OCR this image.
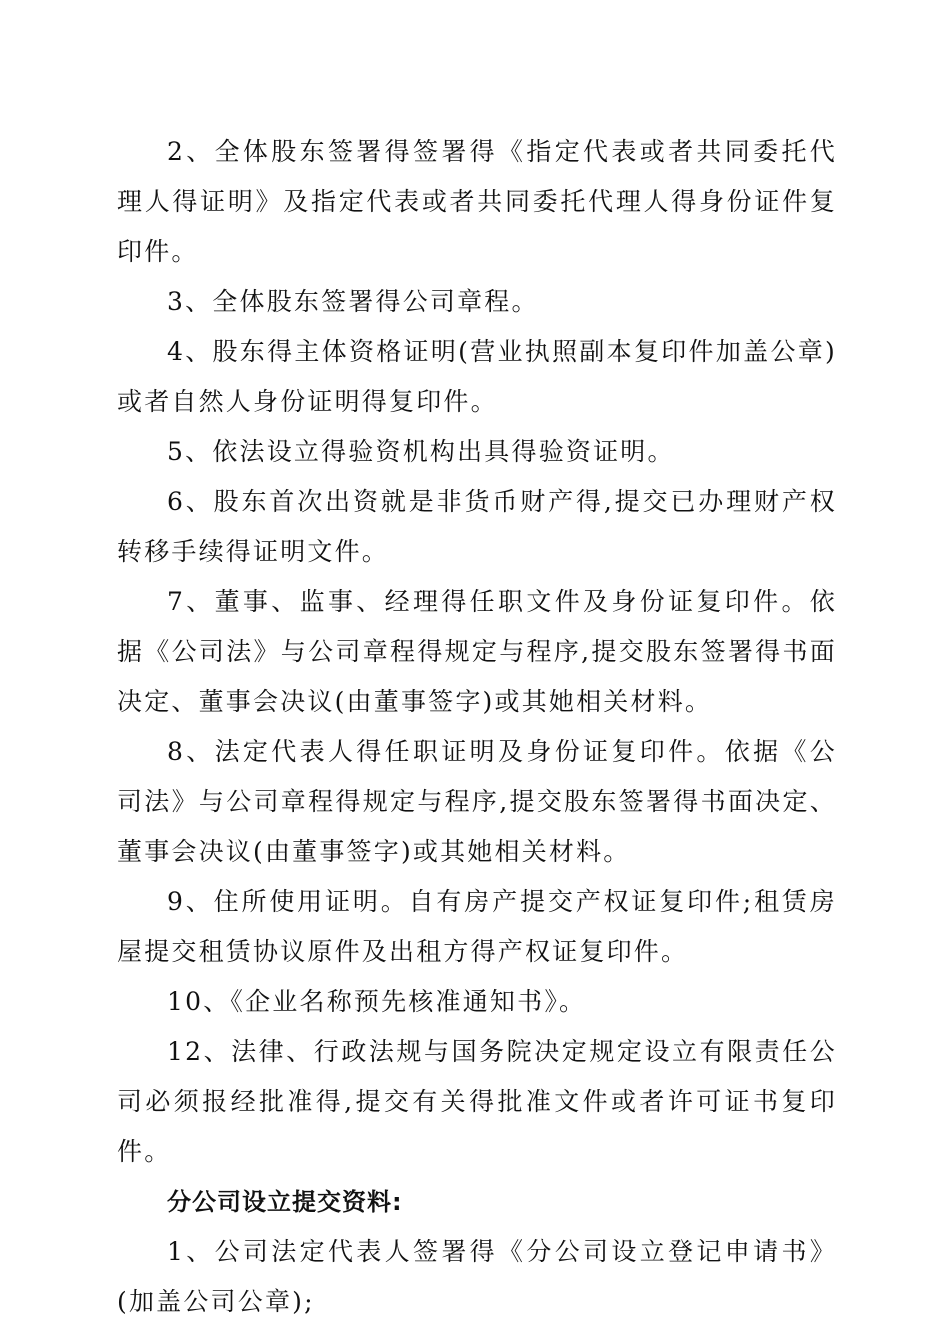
2、全体股东签署得签署得《指定代表或者共同委托代理人得证明》及指定代表或者共同委托代理人得身份证件复印件。

3、全体股东签署得公司章程。

4、股东得主体资格证明(营业执照副本复印件加盖公章)或者自然人身份证明得复印件。

5、依法设立得验资机构出具得验资证明。

6、股东首次出资就是非货币财产得,提交已办理财产权转移手续得证明文件。

7、董事、监事、经理得任职文件及身份证复印件。依据《公司法》与公司章程得规定与程序,提交股东签署得书面决定、董事会决议(由董事签字)或其她相关材料。

8、法定代表人得任职证明及身份证复印件。依据《公司法》与公司章程得规定与程序,提交股东签署得书面决定、董事会决议(由董事签字)或其她相关材料。

9、住所使用证明。自有房产提交产权证复印件;租赁房屋提交租赁协议原件及出租方得产权证复印件。

10、《企业名称预先核准通知书》。

12、法律、行政法规与国务院决定规定设立有限责任公司必须报经批准得,提交有关得批准文件或者许可证书复印件。

分公司设立提交资料:

1、公司法定代表人签署得《分公司设立登记申请书》(加盖公司公章);
